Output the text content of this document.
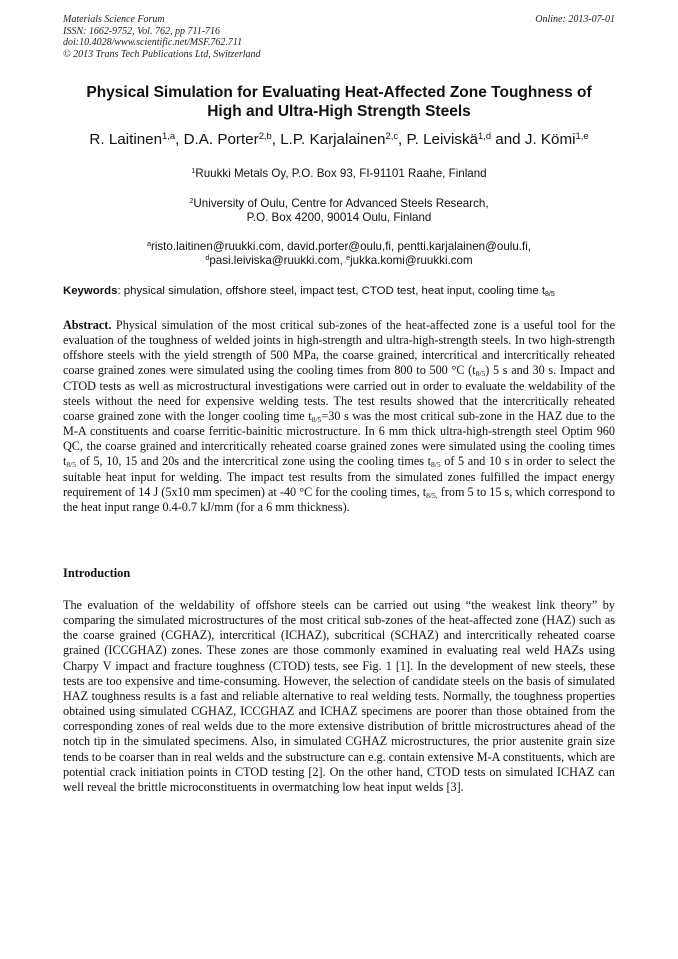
Materials Science Forum
ISSN: 1662-9752, Vol. 762, pp 711-716
doi:10.4028/www.scientific.net/MSF.762.711
© 2013 Trans Tech Publications Ltd, Switzerland
Online: 2013-07-01
Physical Simulation for Evaluating Heat-Affected Zone Toughness of
High and Ultra-High Strength Steels
R. Laitinen$^{1,a}$, D.A. Porter$^{2,b}$, L.P. Karjalainen$^{2,c}$, P. Leiviskä$^{1,d}$ and J. Kömi$^{1,e}$
$^1$Ruukki Metals Oy, P.O. Box 93, FI-91101 Raahe, Finland
$^2$University of Oulu, Centre for Advanced Steels Research,
P.O. Box 4200, 90014 Oulu, Finland
$^a$risto.laitinen@ruukki.com, david.porter@oulu,fi, pentti.karjalainen@oulu.fi,
$^d$pasi.leiviska@ruukki.com, $^e$jukka.komi@ruukki.com
Keywords: physical simulation, offshore steel, impact test, CTOD test, heat input, cooling time $t_{8/5}$
Abstract. Physical simulation of the most critical sub-zones of the heat-affected zone is a useful tool for the evaluation of the toughness of welded joints in high-strength and ultra-high-strength steels. In two high-strength offshore steels with the yield strength of 500 MPa, the coarse grained, intercritical and intercritically reheated coarse grained zones were simulated using the cooling times from 800 to 500 °C $(t_{8/5})$ 5 s and 30 s. Impact and CTOD tests as well as microstructural investigations were carried out in order to evaluate the weldability of the steels without the need for expensive welding tests. The test results showed that the intercritically reheated coarse grained zone with the longer cooling time $t_{8/5}=30$ s was the most critical sub-zone in the HAZ due to the M-A constituents and coarse ferritic-bainitic microstructure. In 6 mm thick ultra-high-strength steel Optim 960 QC, the coarse grained and intercritically reheated coarse grained zones were simulated using the cooling times $t_{8/5}$ of 5, 10, 15 and 20s and the intercritical zone using the cooling times $t_{8/5}$ of 5 and 10 s in order to select the suitable heat input for welding. The impact test results from the simulated zones fulfilled the impact energy requirement of 14 J (5x10 mm specimen) at -40 °C for the cooling times, $t_{8/5,}$ from 5 to 15 s, which correspond to the heat input range 0.4-0.7 kJ/mm (for a 6 mm thickness).
Introduction
The evaluation of the weldability of offshore steels can be carried out using “the weakest link theory” by comparing the simulated microstructures of the most critical sub-zones of the heat-affected zone (HAZ) such as the coarse grained (CGHAZ), intercritical (ICHAZ), subcritical (SCHAZ) and intercritically reheated coarse grained (ICCGHAZ) zones. These zones are those commonly examined in evaluating real weld HAZs using Charpy V impact and fracture toughness (CTOD) tests, see Fig. 1 [1]. In the development of new steels, these tests are too expensive and time-consuming. However, the selection of candidate steels on the basis of simulated HAZ toughness results is a fast and reliable alternative to real welding tests. Normally, the toughness properties obtained using simulated CGHAZ, ICCGHAZ and ICHAZ specimens are poorer than those obtained from the corresponding zones of real welds due to the more extensive distribution of brittle microstructures ahead of the notch tip in the simulated specimens. Also, in simulated CGHAZ microstructures, the prior austenite grain size tends to be coarser than in real welds and the substructure can e.g. contain extensive M-A constituents, which are potential crack initiation points in CTOD testing [2]. On the other hand, CTOD tests on simulated ICHAZ can well reveal the brittle microconstituents in overmatching low heat input welds [3].
